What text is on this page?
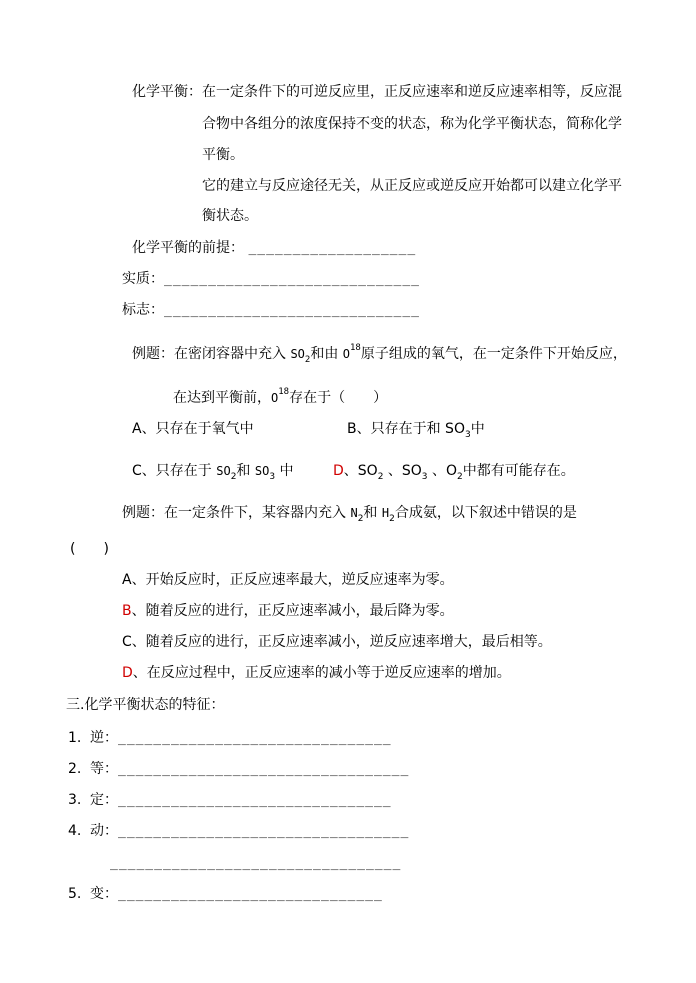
化学平衡：在一定条件下的可逆反应里，正反应速率和逆反应速率相等，反应混
合物中各组分的浓度保持不变的状态，称为化学平衡状态，简称化学
平衡。
它的建立与反应途径无关，从正反应或逆反应开始都可以建立化学平
衡状态。
化学平衡的前提： ___________________
实质：_____________________________
标志：_____________________________
例题：在密闭容器中充入 $SO_2$和由 $O^{18}$原子组成的氧气，在一定条件下开始反应，
在达到平衡前，$O^{18}$存在于（　　）
A、只存在于氧气中	B、只存在于和 $SO_3$中
C、只存在于 $SO_2$和 $SO_3$ 中	D、$SO_2$ 、$SO_3$ 、$O_2$中都有可能存在。
例题：在一定条件下，某容器内充入 $N_2$和 $H_2$合成氨，以下叙述中错误的是
(　　)
A、开始反应时，正反应速率最大，逆反应速率为零。
B、随着反应的进行，正反应速率减小，最后降为零。
C、随着反应的进行，正反应速率减小，逆反应速率增大，最后相等。
D、在反应过程中，正反应速率的减小等于逆反应速率的增加。
三.化学平衡状态的特征：
1. 逆：_______________________________
2. 等：_________________________________
3. 定：_______________________________
4. 动：_________________________________
_________________________________
5. 变：______________________________
